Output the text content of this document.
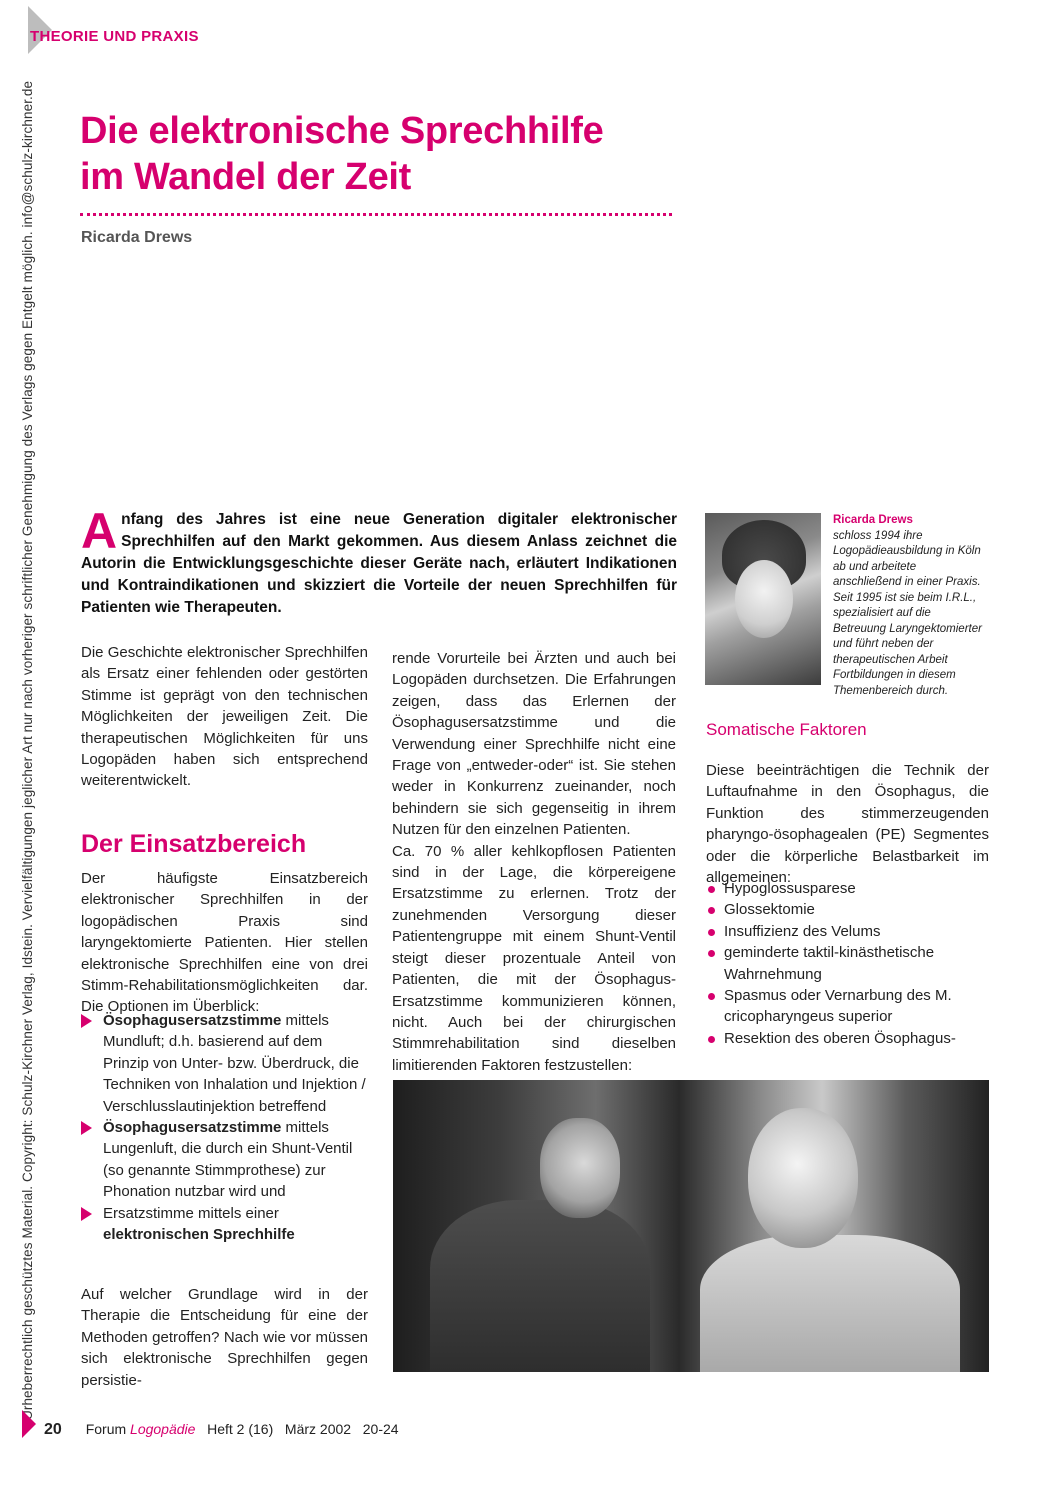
Urheberrechtlich geschütztes Material. Copyright: Schulz-Kirchner Verlag, Idstein. Vervielfältigungen jeglicher Art nur nach vorheriger schriftlicher Genehmigung des Verlags gegen Entgelt möglich. info@schulz-kirchner.de
THEORIE UND PRAXIS
Die elektronische Sprechhilfe
im Wandel der Zeit
Ricarda Drews

Anfang des Jahres ist eine neue Generation digitaler elektronischer Sprechhilfen auf den Markt gekommen. Aus diesem Anlass zeichnet die Autorin die Entwicklungsgeschichte dieser Geräte nach, erläutert Indikationen und Kontraindikationen und skizziert die Vorteile der neuen Sprechhilfen für Patienten wie Therapeuten.

Ricarda Drews
schloss 1994 ihre Logopädieausbildung in Köln ab und arbeitete anschließend in einer Praxis. Seit 1995 ist sie beim I.R.L., spezialisiert auf die Betreuung Laryngektomierter und führt neben der therapeutischen Arbeit Fortbildungen in diesem Themenbereich durch.

Die Geschichte elektronischer Sprechhilfen als Ersatz einer fehlenden oder gestörten Stimme ist geprägt von den technischen Möglichkeiten der jeweiligen Zeit. Die therapeutischen Möglichkeiten für uns Logopäden haben sich entsprechend weiterentwickelt.

Der Einsatzbereich

Der häufigste Einsatzbereich elektronischer Sprechhilfen in der logopädischen Praxis sind laryngektomierte Patienten. Hier stellen elektronische Sprechhilfen eine von drei Stimm-Rehabilitationsmöglichkeiten dar. Die Optionen im Überblick:

Ösophagusersatzstimme mittels Mundluft; d.h. basierend auf dem Prinzip von Unter- bzw. Überdruck, die Techniken von Inhalation und Injektion / Verschlusslautinjektion betreffend
Ösophagusersatzstimme mittels Lungenluft, die durch ein Shunt-Ventil (so genannte Stimmprothese) zur Phonation nutzbar wird und
Ersatzstimme mittels einer elektronischen Sprechhilfe

Auf welcher Grundlage wird in der Therapie die Entscheidung für eine der Methoden getroffen? Nach wie vor müssen sich elektronische Sprechhilfen gegen persistie-

rende Vorurteile bei Ärzten und auch bei Logopäden durchsetzen. Die Erfahrungen zeigen, dass das Erlernen der Ösophagusersatzstimme und die Verwendung einer Sprechhilfe nicht eine Frage von „entweder-oder“ ist. Sie stehen weder in Konkurrenz zueinander, noch behindern sie sich gegenseitig in ihrem Nutzen für den einzelnen Patienten.
Ca. 70 % aller kehlkopflosen Patienten sind in der Lage, die körpereigene Ersatzstimme zu erlernen. Trotz der zunehmenden Versorgung dieser Patientengruppe mit einem Shunt-Ventil steigt dieser prozentuale Anteil von Patienten, die mit der Ösophagus-Ersatzstimme kommunizieren können, nicht. Auch bei der chirurgischen Stimmrehabilitation sind dieselben limitierenden Faktoren festzustellen:
Somatische Faktoren

Diese beeinträchtigen die Technik der Luftaufnahme in den Ösophagus, die Funktion des stimmerzeugenden pharyngo-ösophagealen (PE) Segmentes oder die körperliche Belastbarkeit im allgemeinen:

Hypoglossusparese
Glossektomie
Insuffizienz des Velums
geminderte taktil-kinästhetische Wahrnehmung
Spasmus oder Vernarbung des M. cricopharyngeus superior
Resektion des oberen Ösophagus-
20 Forum Logopädie Heft 2 (16) März 2002 20-24
